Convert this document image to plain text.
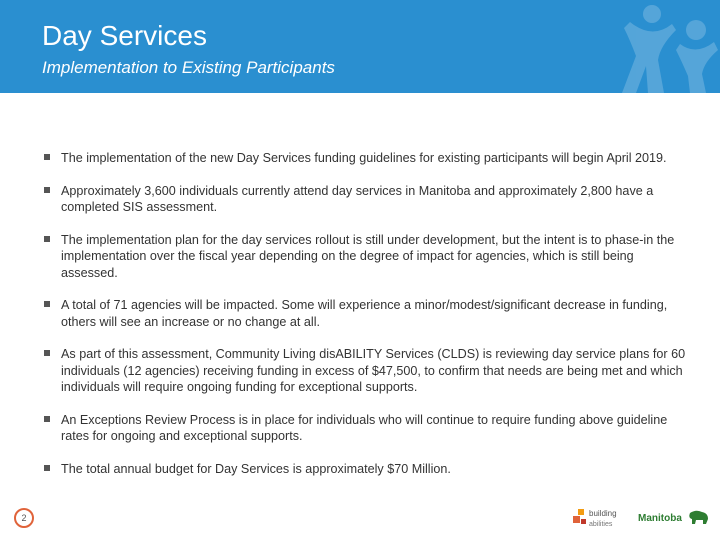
Day Services
Implementation to Existing Participants
The implementation of the new Day Services funding guidelines for existing participants will begin April 2019.
Approximately 3,600 individuals currently attend day services in Manitoba and approximately 2,800 have a completed SIS assessment.
The implementation plan for the day services rollout is still under development, but the intent is to phase-in the implementation over the fiscal year depending on the degree of impact for agencies, which is still being assessed.
A total of 71 agencies will be impacted. Some will experience a minor/modest/significant decrease in funding, others will see an increase or no change at all.
As part of this assessment, Community Living disABILITY Services (CLDS) is reviewing day service plans for 60 individuals (12 agencies) receiving funding in excess of $47,500, to confirm that needs are being met and which individuals will require ongoing funding for exceptional supports.
An Exceptions Review Process is in place for individuals who will continue to require funding above guideline rates for ongoing and exceptional supports.
The total annual budget for Day Services is approximately $70 Million.
2	building
abilities
Manitoba
